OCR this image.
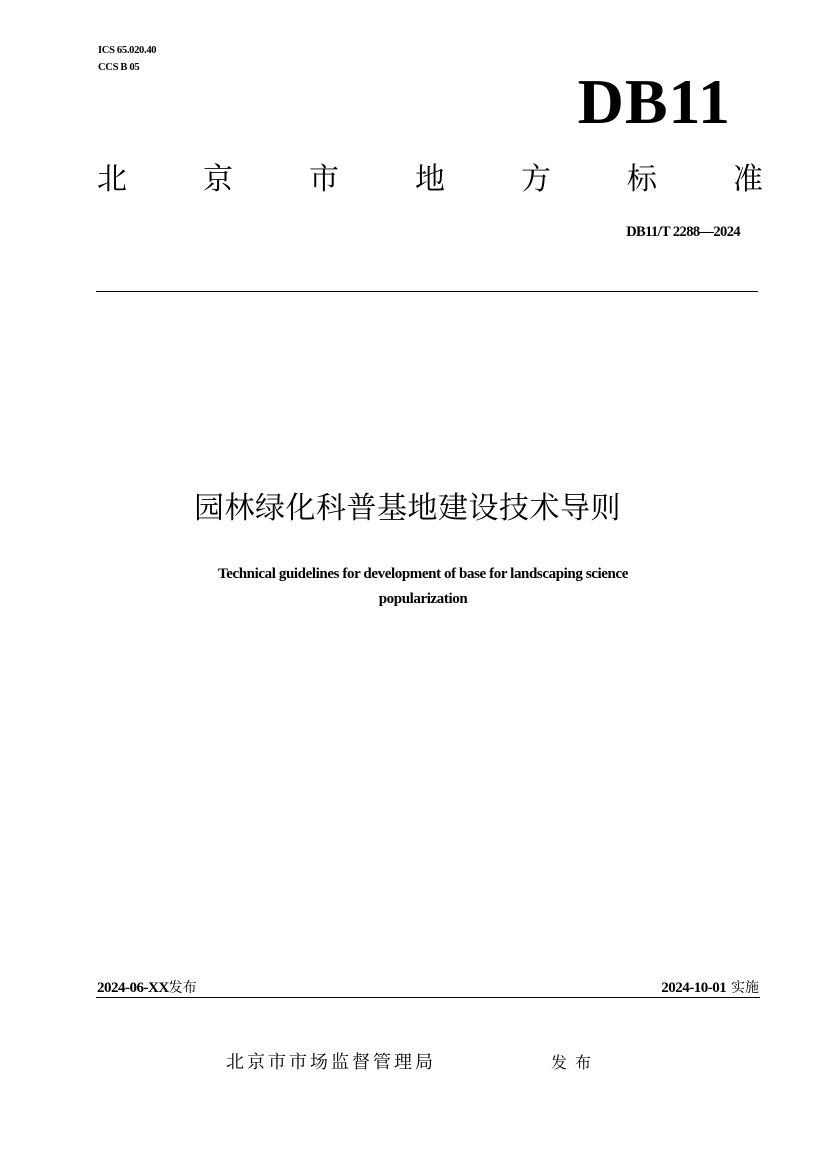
ICS 65.020.40
CCS B 05	DB11
北	京	市	地	方	标	准
DB11/T 2288—2024
园林绿化科普基地建设技术导则
Technical guidelines for development of base for landscaping science
popularization
2024-06-XX发布	2024-10-01 实施
北京市市场监督管理局	发布
